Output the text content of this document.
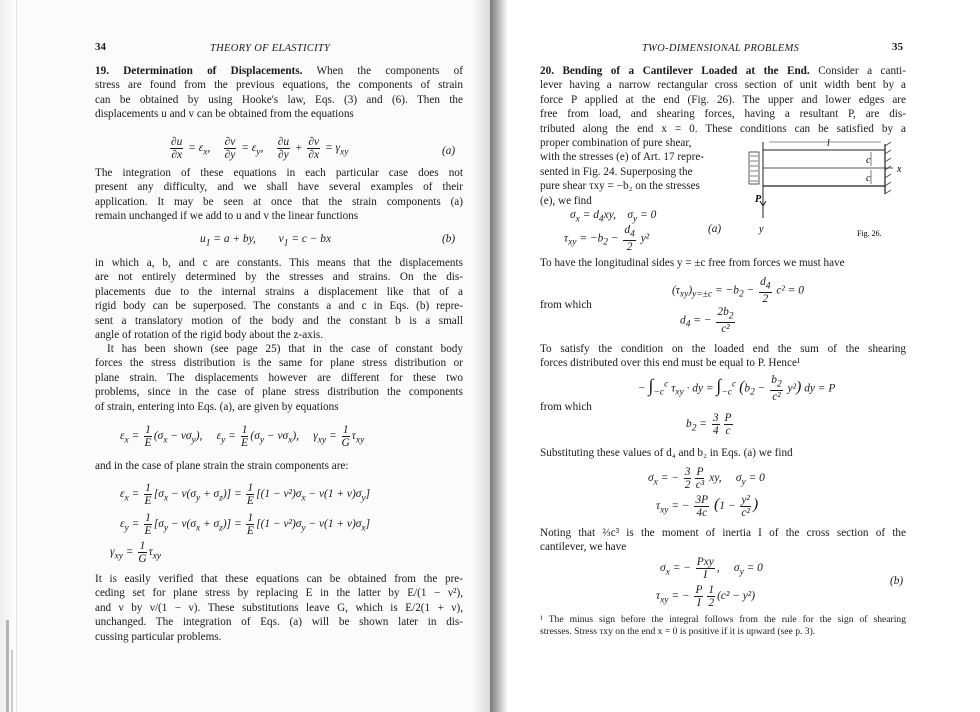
34	THEORY OF ELASTICITY
19. Determination of Displacements. When the components of
stress are found from the previous equations, the components of strain
can be obtained by using Hooke's law, Eqs. (3) and (6). Then the
displacements u and v can be obtained from the equations
$\frac{\partial u}{\partial x} = \varepsilon_x$, $\frac{\partial v}{\partial y} = \varepsilon_y$, $\frac{\partial u}{\partial y} + \frac{\partial v}{\partial x} = \gamma_{xy}$	(a)
The integration of these equations in each particular case does not
present any difficulty, and we shall have several examples of their
application. It may be seen at once that the strain components (a)
remain unchanged if we add to u and v the linear functions
$u_1 = a$ + by,        $v_1 = c$ − bx	(b)
in which a, b, and c are constants. This means that the displacements
are not entirely determined by the stresses and strains. On the dis-
placements due to the internal strains a displacement like that of a
rigid body can be superposed. The constants a and c in Eqs. (b) repre-
sent a translatory motion of the body and the constant b is a small
angle of rotation of the rigid body about the z-axis.
It has been shown (see page 25) that in the case of constant body
forces the stress distribution is the same for plane stress distribution or
plane strain. The displacements however are different for these two
problems, since in the case of plane stress distribution the components
of strain, entering into Eqs. (a), are given by equations
$\varepsilon_x = \frac{1}{E} (\sigma_x - \nu\sigma_y)$,     $\varepsilon_y = \frac{1}{E} (\sigma_y - \nu\sigma_x)$,     $\gamma_{xy} = \frac{1}{G} \tau_{xy}$
and in the case of plane strain the strain components are:
$\varepsilon_x = \frac{1}{E} [\sigma_x - \nu(\sigma_y + \sigma_z)] = \frac{1}{E} [(1 - \nu^2)\sigma_x - \nu(1 + \nu)\sigma_y]$
$\varepsilon_y = \frac{1}{E} [\sigma_y - \nu(\sigma_x + \sigma_z)] = \frac{1}{E} [(1 - \nu^2)\sigma_y - \nu(1 + \nu)\sigma_x]$
$\gamma_{xy} = \frac{1}{G} \tau_{xy}$
It is easily verified that these equations can be obtained from the pre-
ceding set for plane stress by replacing E in the latter by E/(1 − ν²),
and ν by ν/(1 − ν). These substitutions leave G, which is E/2(1 + ν),
unchanged. The integration of Eqs. (a) will be shown later in dis-
cussing particular problems.
TWO-DIMENSIONAL PROBLEMS	35
20. Bending of a Cantilever Loaded at the End. Consider a canti-
lever having a narrow rectangular cross section of unit width bent by a
force P applied at the end (Fig. 26). The upper and lower edges are
free from load, and shearing forces, having a resultant P, are dis-
tributed along the end x = 0. These conditions can be satisfied by a
proper combination of pure shear,
with the stresses (e) of Art. 17 repre-
sented in Fig. 24. Superposing the
pure shear τxy = −b₂ on the stresses
(e), we find
l
c
c
x
P
y	Fig. 26.
$\sigma_x = d_4xy$,    $\sigma_y = 0$
$\tau_{xy} = -b_2 - \frac{d_4}{2} y^2$
(a)
To have the longitudinal sides y = ±c free from forces we must have
$(\tau_{xy})_{y=\pm c} = -b_2 - \frac{d_4}{2} c^2 = 0$
from which
$d_4$ = − $\frac{2b_2}{\text{c²}}$
To satisfy the condition on the loaded end the sum of the shearing
forces distributed over this end must be equal to P. Hence¹
− $\int_{-c}^c$ $\tau_{xy}$ · dy = $\int_{-c}^c$ $(b_2 - \frac{b_2}{\text{c²}} y^2)$ dy = P
from which
$b_2 = \frac{3}{4} \frac{P}{c}$
Substituting these values of d₄ and b₂ in Eqs. (a) we find
$\sigma_x$ = − $\frac{3}{2} \frac{P}{\text{c³}}$ xy,     $\sigma_y = 0$
$\tau_{xy}$ = − $\frac{3P}{4c} (1 - \frac{\text{y²}}{\text{c²}}$ )
Noting that ⅔c³ is the moment of inertia I of the cross section of the
cantilever, we have
$\sigma_x$ = − $\frac{\text{Pxy}}{I}$ ,     $\sigma_y = 0$
$\tau_{xy}$ = − $\frac{P}{I} \frac{1}{2} (c^2 - y^2)$
(b)
¹ The minus sign before the integral follows from the rule for the sign of shearing
stresses. Stress τxy on the end x = 0 is positive if it is upward (see p. 3).
